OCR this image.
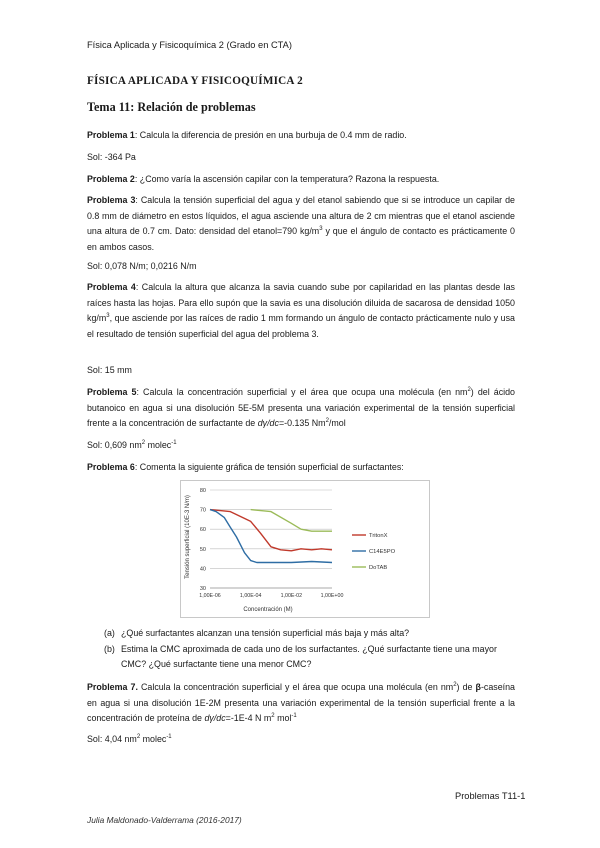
Física Aplicada y Fisicoquímica 2 (Grado en CTA)
FÍSICA APLICADA Y FISICOQUÍMICA 2
Tema 11: Relación de problemas
Problema 1: Calcula la diferencia de presión en una burbuja de 0.4 mm de radio.
Sol: -364 Pa
Problema 2: ¿Como varía la ascensión capilar con la temperatura? Razona la respuesta.
Problema 3: Calcula la tensión superficial del agua y del etanol sabiendo que si se introduce un capilar de 0.8 mm de diámetro en estos líquidos, el agua asciende una altura de 2 cm mientras que el etanol asciende una altura de 0.7 cm. Dato: densidad del etanol=790 $kg/m^3$ y que el ángulo de contacto es prácticamente 0 en ambos casos.
Sol: 0,078 N/m; 0,0216 N/m
Problema 4: Calcula la altura que alcanza la savia cuando sube por capilaridad en las plantas desde las raíces hasta las hojas. Para ello supón que la savia es una disolución diluida de sacarosa de densidad 1050 $kg/m^3$, que asciende por las raíces de radio 1 mm formando un ángulo de contacto prácticamente nulo y usa el resultado de tensión superficial del agua del problema 3.
Sol: 15 mm
Problema 5: Calcula la concentración superficial y el área que ocupa una molécula (en $nm^2$) del ácido butanoico en agua si una disolución 5E-5M presenta una variación experimental de la tensión superficial frente a la concentración de surfactante de dγ/dc=-0.135 Nm$^2$/mol
Sol: 0,609 $nm^2$ molec$^{-1}$
Problema 6: Comenta la siguiente gráfica de tensión superficial de surfactantes:
30
40
50
60
70
80
1,00E-06	1,00E-04	1,00E-02	1,00E+00
TritonX
C14E5PO
DoTAB
Tensión superficial (10E-3 N/m)
Concentración (M)
(a) ¿Qué surfactantes alcanzan una tensión superficial más baja y más alta?
(b) Estima la CMC aproximada de cada uno de los surfactantes. ¿Qué surfactante tiene una mayor CMC? ¿Qué surfactante tiene una menor CMC?
Problema 7. Calcula la concentración superficial y el área que ocupa una molécula (en $nm^2$) de β-caseína en agua si una disolución 1E-2M presenta una variación experimental de la tensión superficial frente a la concentración de proteína de dγ/dc=-1E-4 N $m^2$ mol$^{-1}$
Sol: 4,04 $nm^2$ molec$^{-1}$
Problemas T11-1
Julia Maldonado-Valderrama (2016-2017)
